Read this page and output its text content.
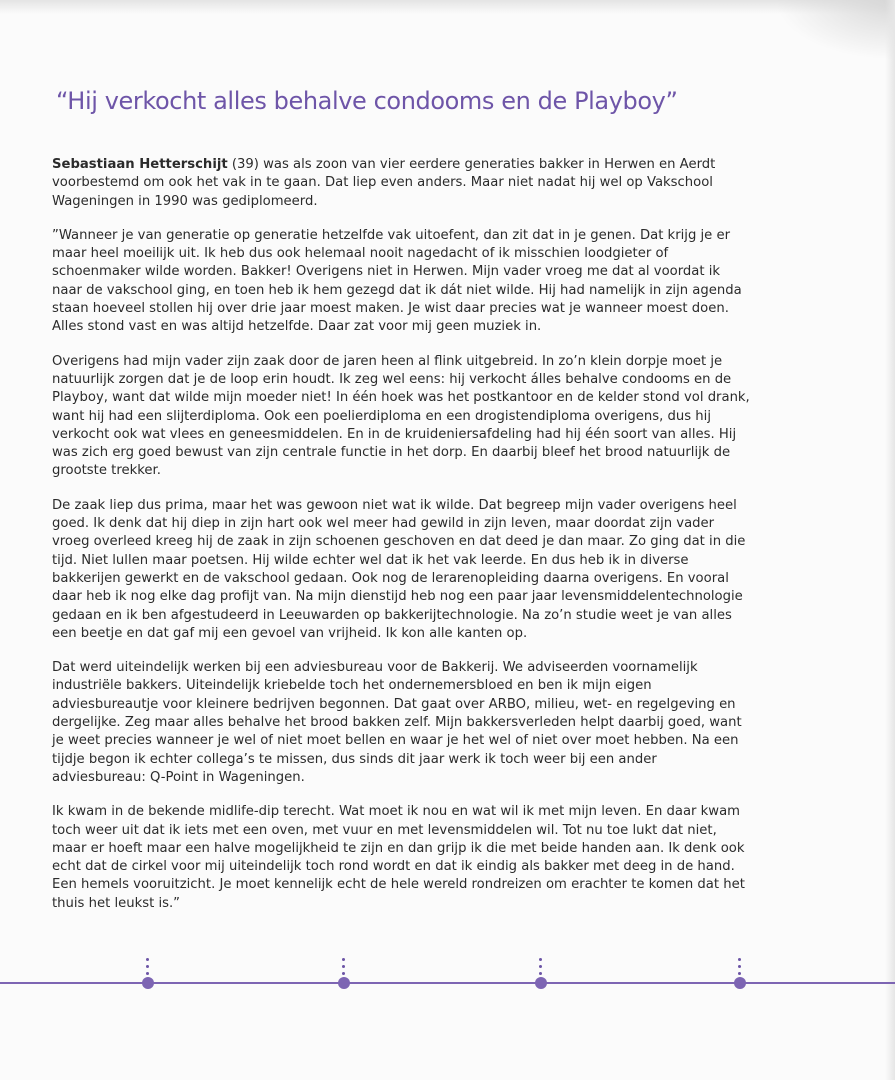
“Hij verkocht alles behalve condooms en de Playboy”

Sebastiaan Hetterschijt (39) was als zoon van vier eerdere generaties bakker in Herwen en Aerdt voorbestemd om ook het vak in te gaan. Dat liep even anders. Maar niet nadat hij wel op Vakschool Wageningen in 1990 was gediplomeerd.

”Wanneer je van generatie op generatie hetzelfde vak uitoefent, dan zit dat in je genen. Dat krijg je er maar heel moeilijk uit. Ik heb dus ook helemaal nooit nagedacht of ik misschien loodgieter of schoenmaker wilde worden. Bakker! Overigens niet in Herwen. Mijn vader vroeg me dat al voordat ik naar de vakschool ging, en toen heb ik hem gezegd dat ik dát niet wilde. Hij had namelijk in zijn agenda staan hoeveel stollen hij over drie jaar moest maken. Je wist daar precies wat je wanneer moest doen. Alles stond vast en was altijd hetzelfde. Daar zat voor mij geen muziek in.

Overigens had mijn vader zijn zaak door de jaren heen al flink uitgebreid. In zo’n klein dorpje moet je natuurlijk zorgen dat je de loop erin houdt. Ik zeg wel eens: hij verkocht álles behalve condooms en de Playboy, want dat wilde mijn moeder niet! In één hoek was het postkantoor en de kelder stond vol drank, want hij had een slijterdiploma. Ook een poelierdiploma en een drogistendiploma overigens, dus hij verkocht ook wat vlees en geneesmiddelen. En in de kruideniersafdeling had hij één soort van alles. Hij was zich erg goed bewust van zijn centrale functie in het dorp. En daarbij bleef het brood natuurlijk de grootste trekker.

De zaak liep dus prima, maar het was gewoon niet wat ik wilde. Dat begreep mijn vader overigens heel goed. Ik denk dat hij diep in zijn hart ook wel meer had gewild in zijn leven, maar doordat zijn vader vroeg overleed kreeg hij de zaak in zijn schoenen geschoven en dat deed je dan maar. Zo ging dat in die tijd. Niet lullen maar poetsen. Hij wilde echter wel dat ik het vak leerde. En dus heb ik in diverse bakkerijen gewerkt en de vakschool gedaan. Ook nog de lerarenopleiding daarna overigens. En vooral daar heb ik nog elke dag profijt van. Na mijn dienstijd heb nog een paar jaar levensmiddelentechnologie gedaan en ik ben afgestudeerd in Leeuwarden op bakkerijtechnologie. Na zo’n studie weet je van alles een beetje en dat gaf mij een gevoel van vrijheid. Ik kon alle kanten op.

Dat werd uiteindelijk werken bij een adviesbureau voor de Bakkerij. We adviseerden voornamelijk industriële bakkers. Uiteindelijk kriebelde toch het ondernemersbloed en ben ik mijn eigen adviesbureautje voor kleinere bedrijven begonnen. Dat gaat over ARBO, milieu, wet- en regelgeving en dergelijke. Zeg maar alles behalve het brood bakken zelf. Mijn bakkersverleden helpt daarbij goed, want je weet precies wanneer je wel of niet moet bellen en waar je het wel of niet over moet hebben. Na een tijdje begon ik echter collega’s te missen, dus sinds dit jaar werk ik toch weer bij een ander adviesbureau: Q-Point in Wageningen.

Ik kwam in de bekende midlife-dip terecht. Wat moet ik nou en wat wil ik met mijn leven. En daar kwam toch weer uit dat ik iets met een oven, met vuur en met levensmiddelen wil. Tot nu toe lukt dat niet, maar er hoeft maar een halve mogelijkheid te zijn en dan grijp ik die met beide handen aan. Ik denk ook echt dat de cirkel voor mij uiteindelijk toch rond wordt en dat ik eindig als bakker met deeg in de hand. Een hemels vooruitzicht. Je moet kennelijk echt de hele wereld rondreizen om erachter te komen dat het thuis het leukst is.”
